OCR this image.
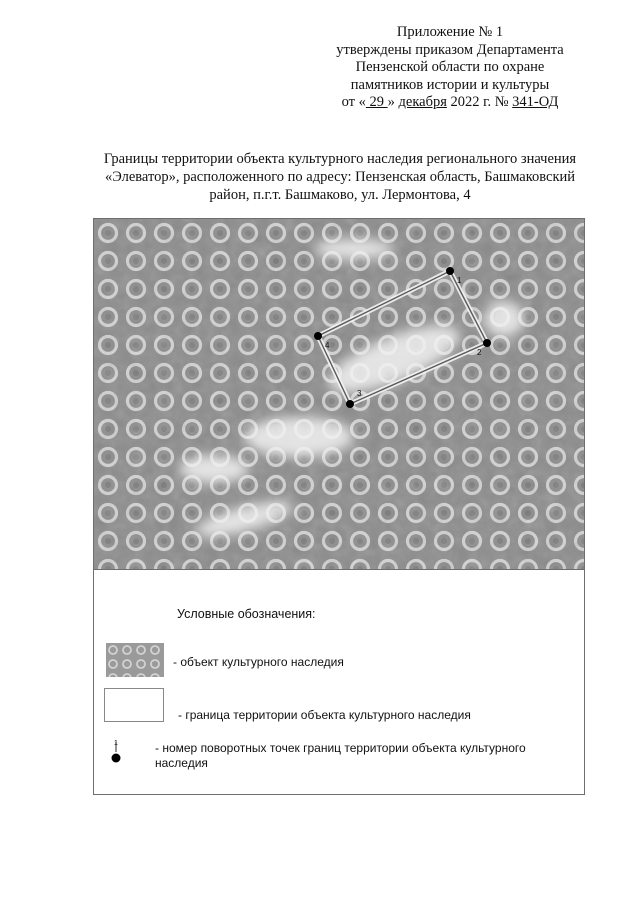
Приложение № 1
утверждены приказом Департамента
Пензенской области по охране
памятников истории и культуры
от « 29 » декабря 2022 г. № 341-ОД
Границы территории объекта культурного наследия регионального значения
«Элеватор», расположенного по адресу: Пензенская область, Башмаковский
район, п.г.т. Башмаково, ул. Лермонтова, 4
1
2
3
4
Условные обозначения:
- объект культурного наследия
- граница территории объекта культурного наследия
1	- номер поворотных точек границ территории объекта культурного наследия
